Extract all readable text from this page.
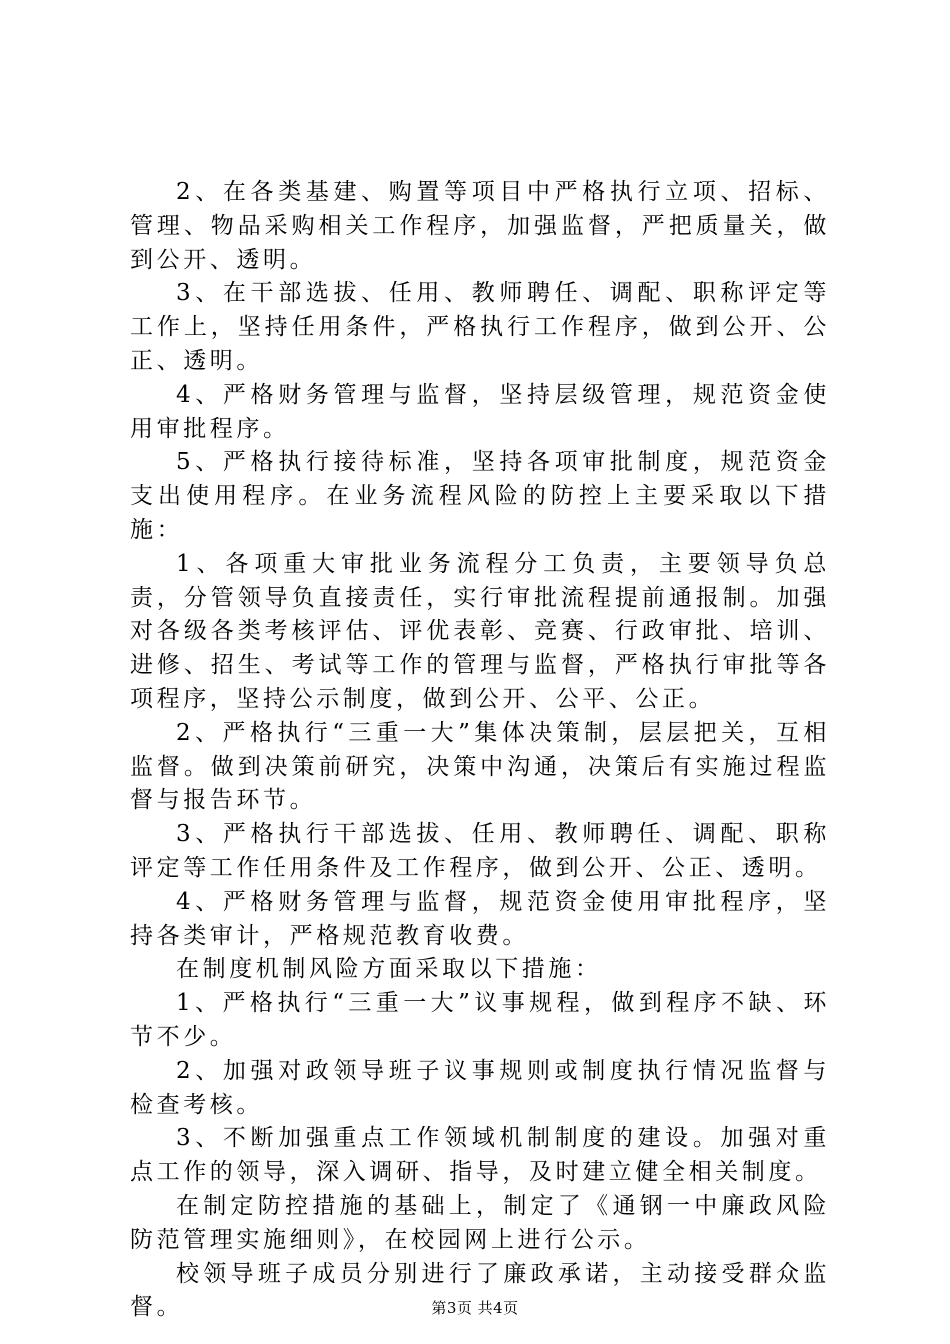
2、在各类基建、购置等项目中严格执行立项、招标、管理、物品采购相关工作程序，加强监督，严把质量关，做到公开、透明。

3、在干部选拔、任用、教师聘任、调配、职称评定等工作上，坚持任用条件，严格执行工作程序，做到公开、公正、透明。

4、严格财务管理与监督，坚持层级管理，规范资金使用审批程序。

5、严格执行接待标准，坚持各项审批制度，规范资金支出使用程序。在业务流程风险的防控上主要采取以下措施：

1、各项重大审批业务流程分工负责，主要领导负总责，分管领导负直接责任，实行审批流程提前通报制。加强对各级各类考核评估、评优表彰、竞赛、行政审批、培训、进修、招生、考试等工作的管理与监督，严格执行审批等各项程序，坚持公示制度，做到公开、公平、公正。

2、严格执行“三重一大”集体决策制，层层把关，互相监督。做到决策前研究，决策中沟通，决策后有实施过程监督与报告环节。

3、严格执行干部选拔、任用、教师聘任、调配、职称评定等工作任用条件及工作程序，做到公开、公正、透明。

4、严格财务管理与监督，规范资金使用审批程序，坚持各类审计，严格规范教育收费。

在制度机制风险方面采取以下措施：

1、严格执行“三重一大”议事规程，做到程序不缺、环节不少。

2、加强对政领导班子议事规则或制度执行情况监督与检查考核。

3、不断加强重点工作领域机制制度的建设。加强对重点工作的领导，深入调研、指导，及时建立健全相关制度。

在制定防控措施的基础上，制定了《通钢一中廉政风险防范管理实施细则》，在校园网上进行公示。

校领导班子成员分别进行了廉政承诺，主动接受群众监督。	第3页 共4页
